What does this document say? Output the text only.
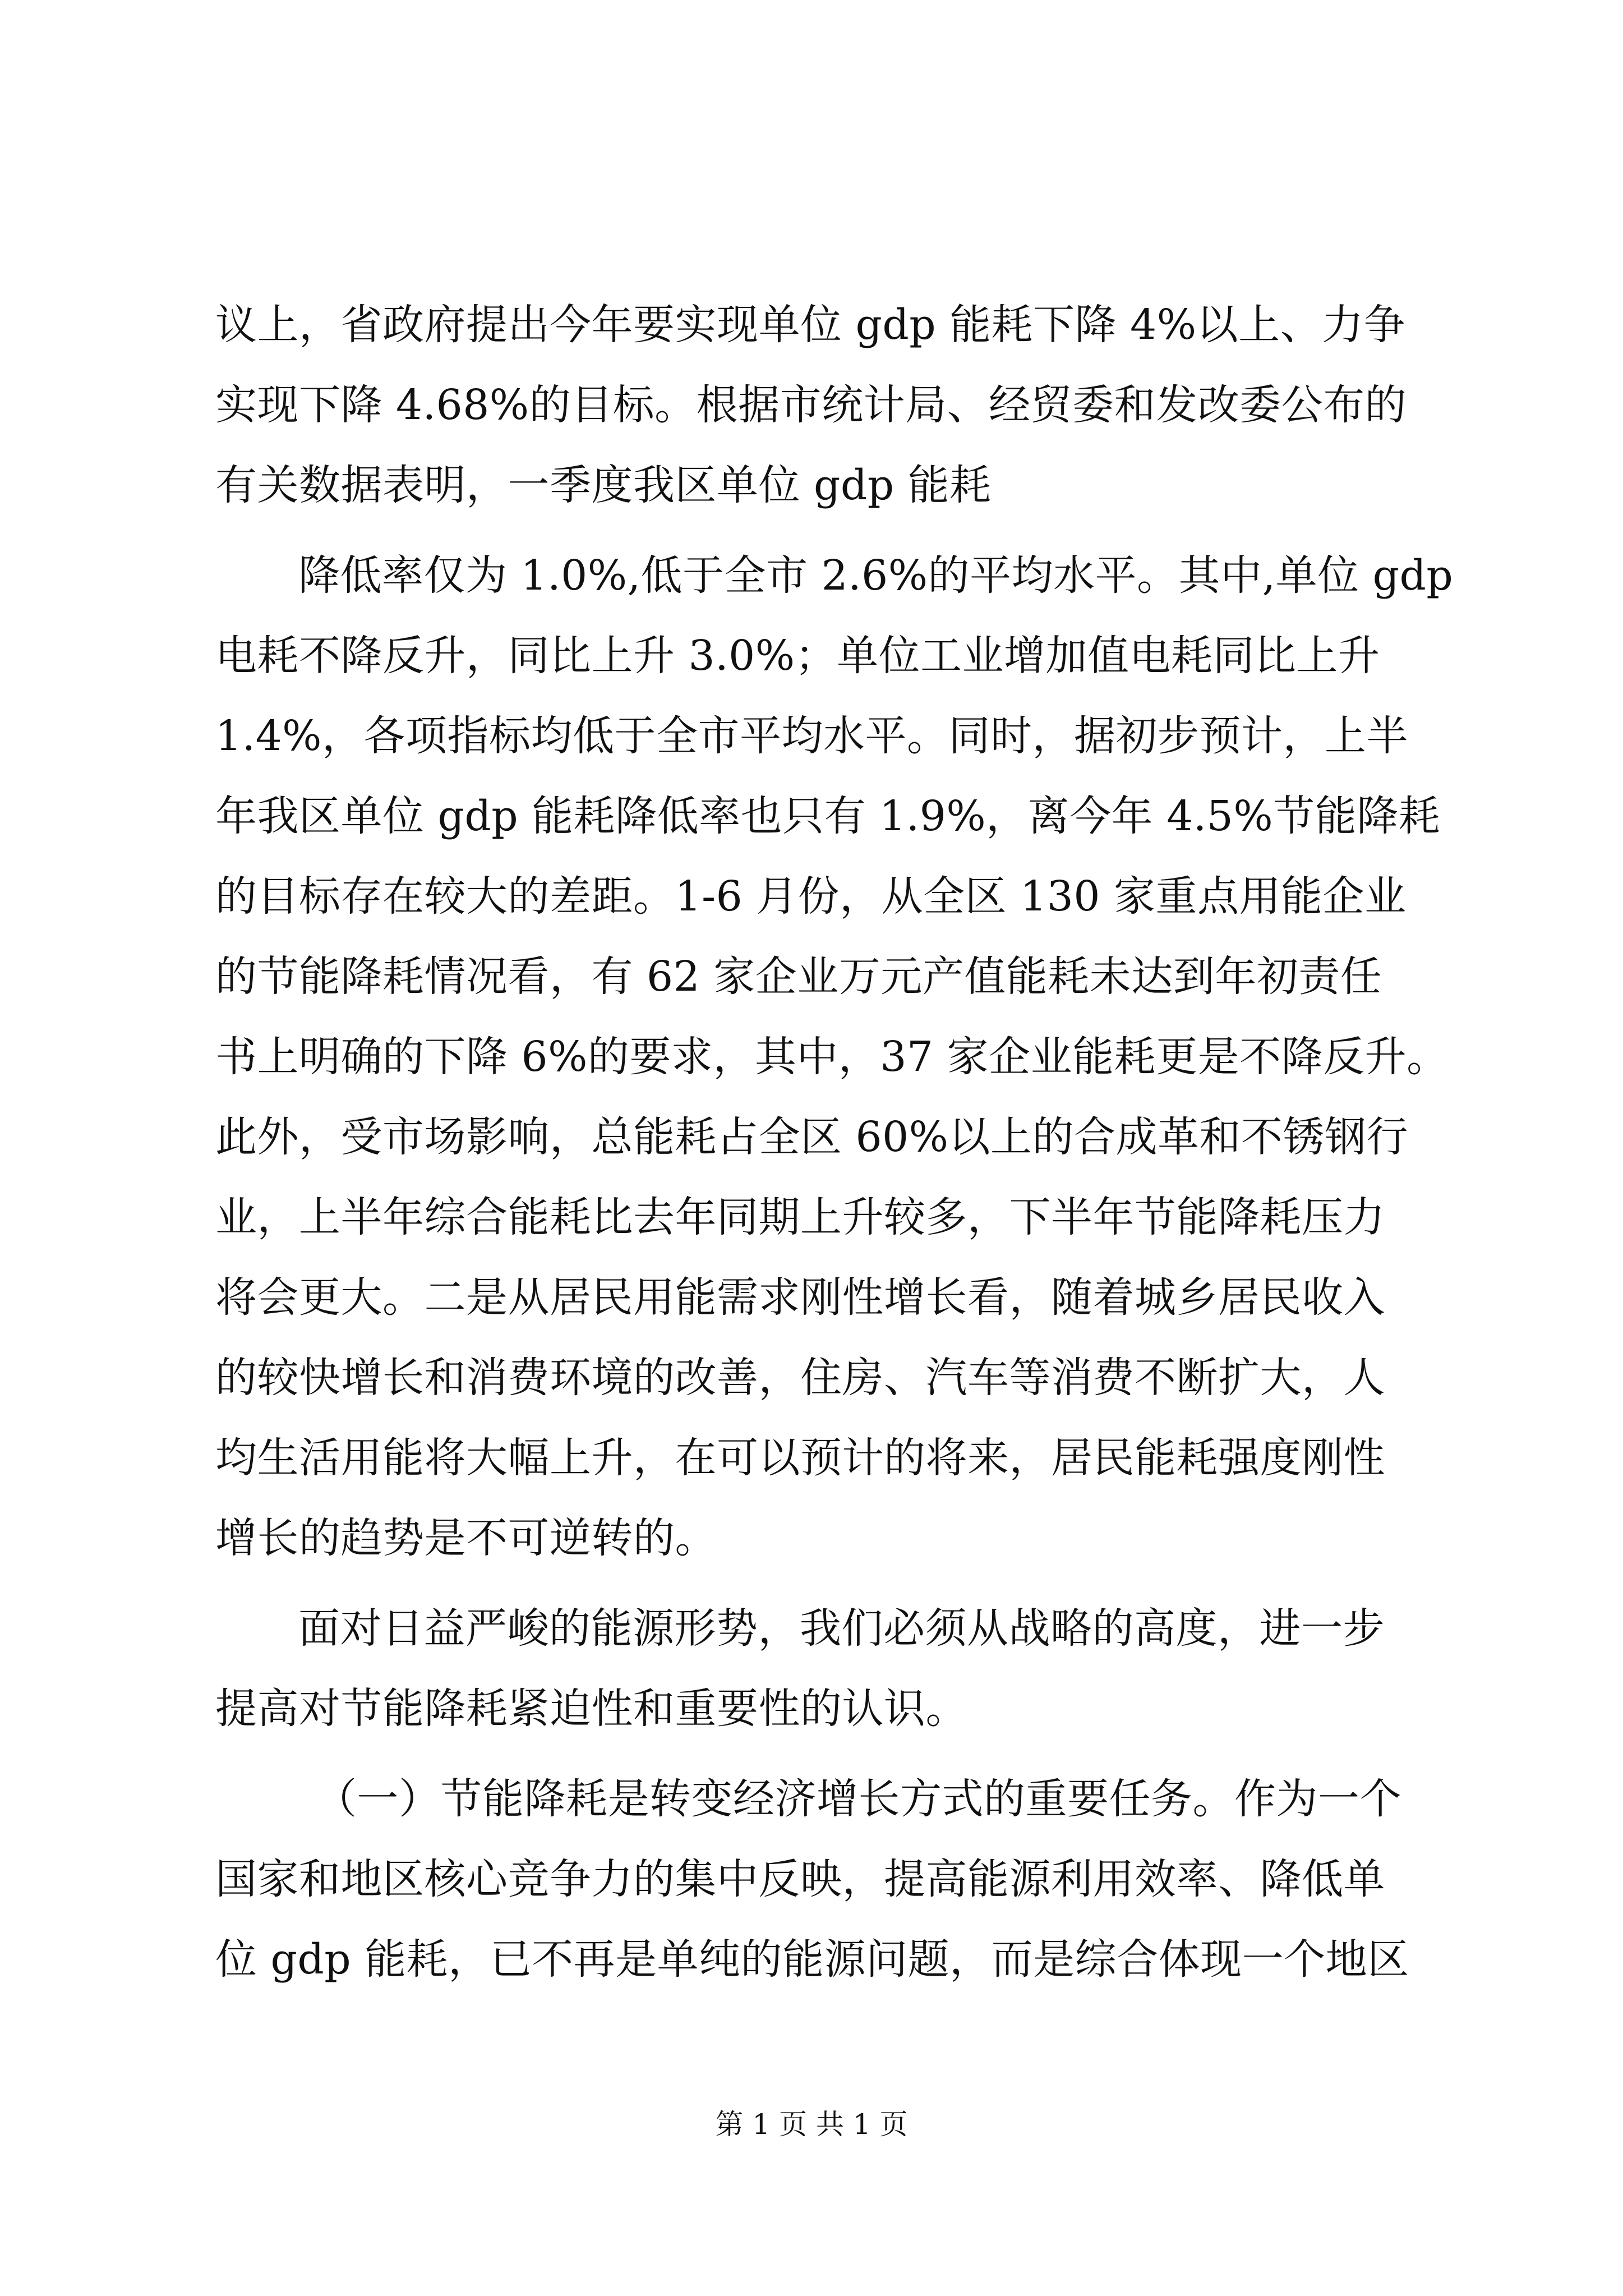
议上，省政府提出今年要实现单位 gdp 能耗下降 4%以上、力争
实现下降 4.68%的目标。根据市统计局、经贸委和发改委公布的
有关数据表明，一季度我区单位 gdp 能耗
降低率仅为 1.0%,低于全市 2.6%的平均水平。其中,单位 gdp
电耗不降反升，同比上升 3.0%；单位工业增加值电耗同比上升
1.4%，各项指标均低于全市平均水平。同时，据初步预计，上半
年我区单位 gdp 能耗降低率也只有 1.9%，离今年 4.5%节能降耗
的目标存在较大的差距。1-6 月份，从全区 130 家重点用能企业
的节能降耗情况看，有 62 家企业万元产值能耗未达到年初责任
书上明确的下降 6%的要求，其中，37 家企业能耗更是不降反升。
此外，受市场影响，总能耗占全区 60%以上的合成革和不锈钢行
业，上半年综合能耗比去年同期上升较多，下半年节能降耗压力
将会更大。二是从居民用能需求刚性增长看，随着城乡居民收入
的较快增长和消费环境的改善，住房、汽车等消费不断扩大，人
均生活用能将大幅上升，在可以预计的将来，居民能耗强度刚性
增长的趋势是不可逆转的。
面对日益严峻的能源形势，我们必须从战略的高度，进一步
提高对节能降耗紧迫性和重要性的认识。
（一）节能降耗是转变经济增长方式的重要任务。作为一个
国家和地区核心竞争力的集中反映，提高能源利用效率、降低单
位 gdp 能耗，已不再是单纯的能源问题，而是综合体现一个地区
第 1 页 共 1 页
